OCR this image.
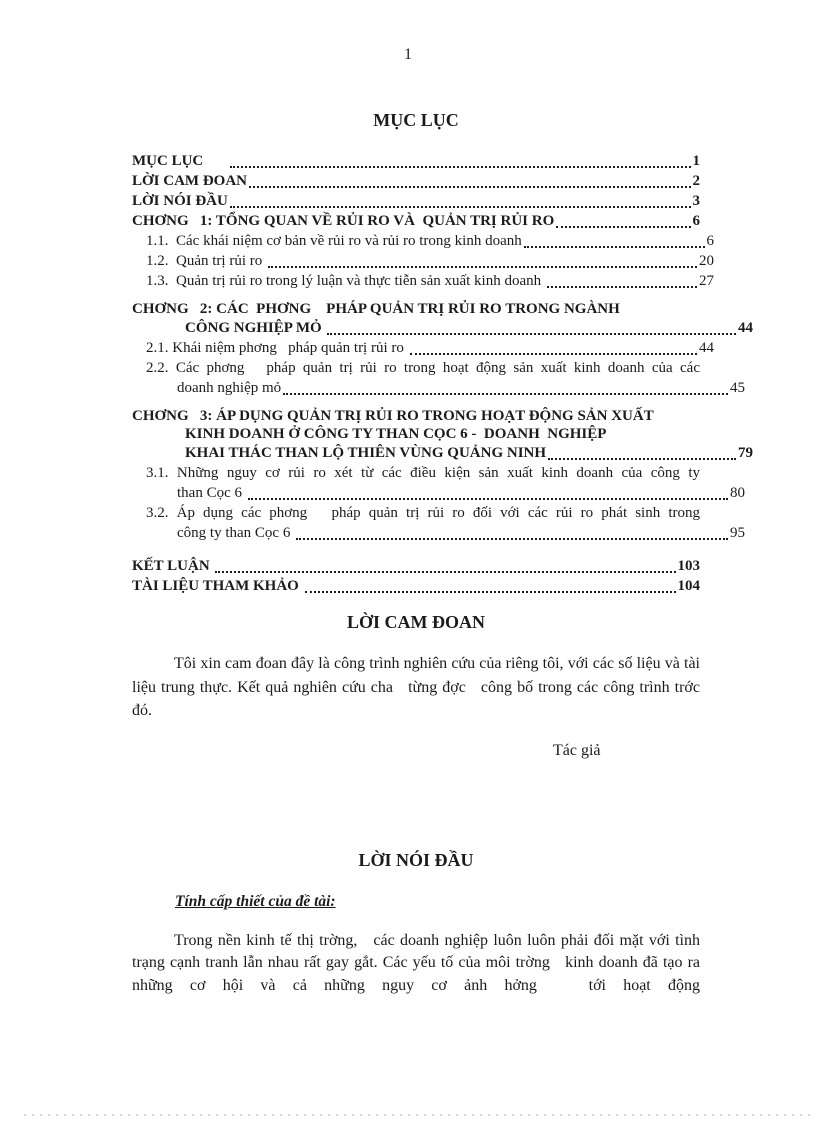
1
MỤC LỤC
MỤC LỤC	1
LỜI CAM ĐOAN	2
LỜI NÓI ĐẦU	3
CHƠNG   1: TỔNG QUAN VỀ RỦI RO VÀ  QUẢN TRỊ RỦI RO	6
1.1.  Các khái niệm cơ bản về rủi ro và rủi ro trong kinh doanh	6
1.2.  Quản trị rủi ro	20
1.3.  Quản trị rủi ro trong lý luận và thực tiễn sản xuất kinh doanh	27
CHƠNG   2: CÁC  PHƠNG    PHÁP QUẢN TRỊ RỦI RO TRONG NGÀNH
CÔNG NGHIỆP MỎ	44
2.1. Khái niệm phơng   pháp quản trị rủi ro	44
2.2. Các phơng   pháp quản trị rủi ro trong hoạt động sản xuất kinh doanh của các
doanh nghiệp mỏ	45
CHƠNG   3: ÁP DỤNG QUẢN TRỊ RỦI RO TRONG HOẠT ĐỘNG SẢN XUẤT
KINH DOANH Ở CÔNG TY THAN CỌC 6 -  DOANH  NGHIỆP
KHAI THÁC THAN LỘ THIÊN VÙNG QUẢNG NINH	79
3.1. Những nguy cơ rủi ro xét từ các điều kiện sản xuất kinh doanh của công ty
than Cọc 6	80
3.2. Áp dụng các phơng   pháp quản trị rủi ro đối với các rủi ro phát sinh trong
công ty than Cọc 6	95
KẾT LUẬN	103
TÀI LIỆU THAM KHẢO	104
LỜI CAM ĐOAN

Tôi xin cam đoan đây là công trình nghiên cứu của riêng tôi, với các số liệu và tài liệu trung thực. Kết quả nghiên cứu cha   từng đợc   công bố trong các công trình trớc   đó.

Tác giả
LỜI NÓI ĐẦU
Tính cấp thiết của đề tài:

Trong nền kinh tế thị trờng,   các doanh nghiệp luôn luôn phải đối mặt với tình trạng cạnh tranh lẫn nhau rất gay gắt. Các yếu tố của môi trờng   kinh doanh đã tạo ra những cơ hội và cả những nguy cơ ảnh hởng   tới hoạt động
